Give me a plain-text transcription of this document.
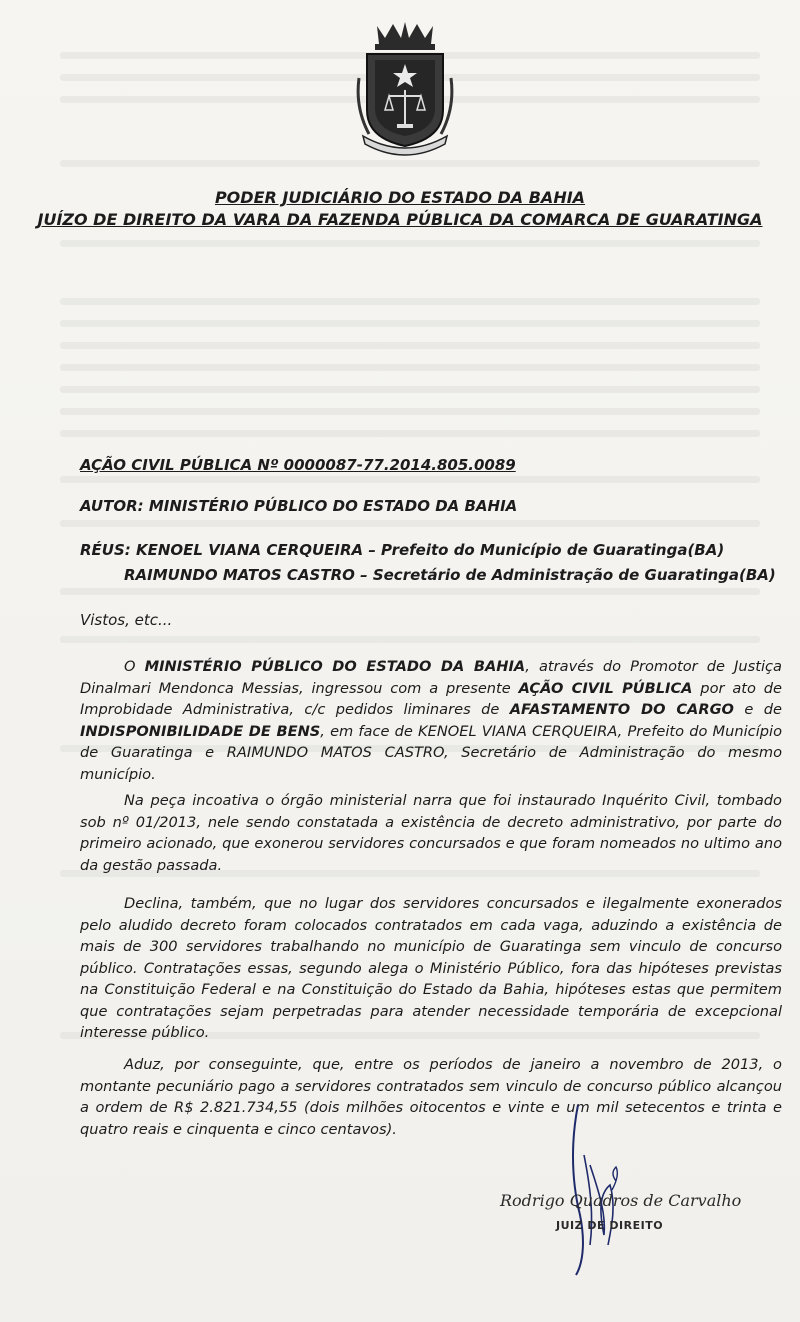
PODER JUDICIÁRIO DO ESTADO DA BAHIA
JUÍZO DE DIREITO DA VARA DA FAZENDA PÚBLICA DA COMARCA DE GUARATINGA
AÇÃO CIVIL PÚBLICA Nº 0000087-77.2014.805.0089
AUTOR: MINISTÉRIO PÚBLICO DO ESTADO DA BAHIA
RÉUS: KENOEL VIANA CERQUEIRA – Prefeito do Município de Guaratinga(BA)
RAIMUNDO MATOS CASTRO – Secretário de Administração de Guaratinga(BA)
Vistos, etc...

O MINISTÉRIO PÚBLICO DO ESTADO DA BAHIA, através do Promotor de Justiça Dinalmari Mendonca Messias, ingressou com a presente AÇÃO CIVIL PÚBLICA por ato de Improbidade Administrativa, c/c pedidos liminares de AFASTAMENTO DO CARGO e de INDISPONIBILIDADE DE BENS, em face de KENOEL VIANA CERQUEIRA, Prefeito do Município de Guaratinga e RAIMUNDO MATOS CASTRO, Secretário de Administração do mesmo município.

Na peça incoativa o órgão ministerial narra que foi instaurado Inquérito Civil, tombado sob nº 01/2013, nele sendo constatada a existência de decreto administrativo, por parte do primeiro acionado, que exonerou servidores concursados e que foram nomeados no ultimo ano da gestão passada.

Declina, também, que no lugar dos servidores concursados e ilegalmente exonerados pelo aludido decreto foram colocados contratados em cada vaga, aduzindo a existência de mais de 300 servidores trabalhando no município de Guaratinga sem vinculo de concurso público. Contratações essas, segundo alega o Ministério Público, fora das hipóteses previstas na Constituição Federal e na Constituição do Estado da Bahia, hipóteses estas que permitem que contratações sejam perpetradas para atender necessidade temporária de excepcional interesse público.

Aduz, por conseguinte, que, entre os períodos de janeiro a novembro de 2013, o montante pecuniário pago a servidores contratados sem vinculo de concurso público alcançou a ordem de R$ 2.821.734,55 (dois milhões oitocentos e vinte e um mil setecentos e trinta e quatro reais e cinquenta e cinco centavos).

Rodrigo Quadros de Carvalho
JUIZ DE DIREITO
